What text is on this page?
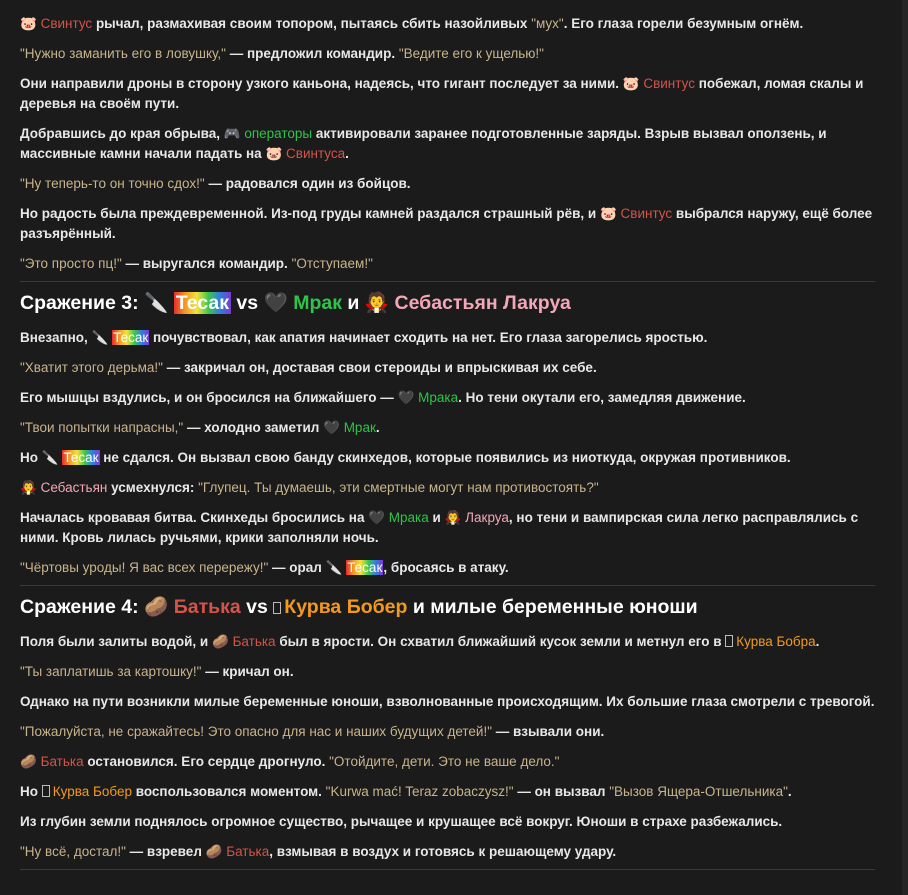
🐷 Свинтус рычал, размахивая своим топором, пытаясь сбить назойливых "мух". Его глаза горели безумным огнём.

"Нужно заманить его в ловушку," — предложил командир. "Ведите его к ущелью!"

Они направили дроны в сторону узкого каньона, надеясь, что гигант последует за ними. 🐷 Свинтус побежал, ломая скалы и деревья на своём пути.

Добравшись до края обрыва, 🎮 операторы активировали заранее подготовленные заряды. Взрыв вызвал оползень, и массивные камни начали падать на 🐷 Свинтуса.

"Ну теперь-то он точно сдох!" — радовался один из бойцов.

Но радость была преждевременной. Из-под груды камней раздался страшный рёв, и 🐷 Свинтус выбрался наружу, ещё более разъярённый.

"Это просто пц!" — выругался командир. "Отступаем!"

Сражение 3: 🔪 Тесак vs 🖤 Мрак и 🧛 Себастьян Лакруа

Внезапно, 🔪 Тесак почувствовал, как апатия начинает сходить на нет. Его глаза загорелись яростью.

"Хватит этого дерьма!" — закричал он, доставая свои стероиды и впрыскивая их себе.

Его мышцы вздулись, и он бросился на ближайшего — 🖤 Мрака. Но тени окутали его, замедляя движение.

"Твои попытки напрасны," — холодно заметил 🖤 Мрак.

Но 🔪 Тесак не сдался. Он вызвал свою банду скинхедов, которые появились из ниоткуда, окружая противников.

🧛 Себастьян усмехнулся: "Глупец. Ты думаешь, эти смертные могут нам противостоять?"

Началась кровавая битва. Скинхеды бросились на 🖤 Мрака и 🧛 Лакруа, но тени и вампирская сила легко расправлялись с ними. Кровь лилась ручьями, крики заполняли ночь.

"Чёртовы уроды! Я вас всех перережу!" — орал 🔪 Тесак, бросаясь в атаку.

Сражение 4: 🥔 Батька vs Курва Бобер и милые беременные юноши

Поля были залиты водой, и 🥔 Батька был в ярости. Он схватил ближайший кусок земли и метнул его в Курва Бобра.

"Ты заплатишь за картошку!" — кричал он.

Однако на пути возникли милые беременные юноши, взволнованные происходящим. Их большие глаза смотрели с тревогой.

"Пожалуйста, не сражайтесь! Это опасно для нас и наших будущих детей!" — взывали они.

🥔 Батька остановился. Его сердце дрогнуло. "Отойдите, дети. Это не ваше дело."

Но Курва Бобер воспользовался моментом. "Kurwa mać! Teraz zobaczysz!" — он вызвал "Вызов Ящера-Отшельника".

Из глубин земли поднялось огромное существо, рычащее и крушащее всё вокруг. Юноши в страхе разбежались.

"Ну всё, достал!" — взревел 🥔 Батька, взмывая в воздух и готовясь к решающему удару.
